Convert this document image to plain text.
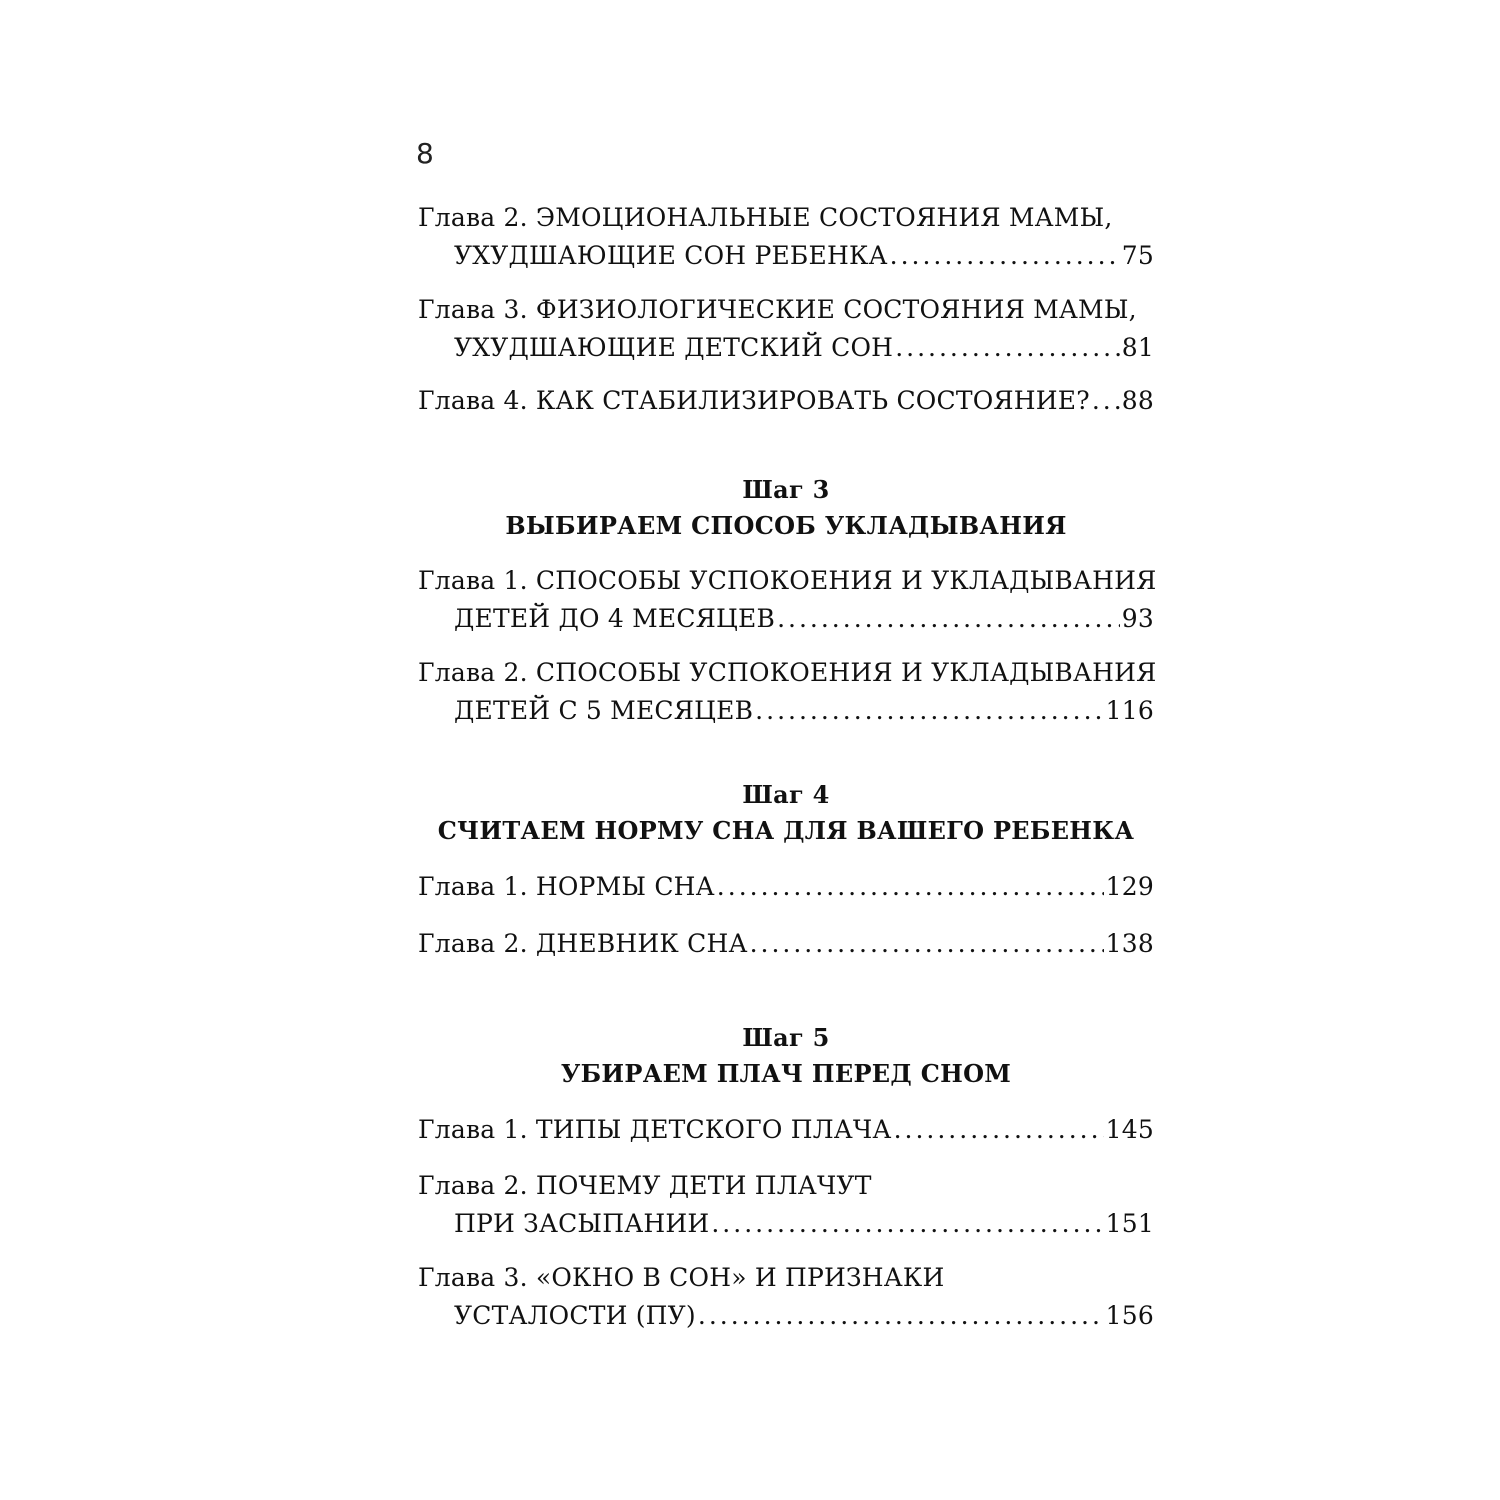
8
Глава 2. ЭМОЦИОНАЛЬНЫЕ СОСТОЯНИЯ МАМЫ,
УХУДШАЮЩИЕ СОН РЕБЕНКА .....	75
Глава 3. ФИЗИОЛОГИЧЕСКИЕ СОСТОЯНИЯ МАМЫ,
УХУДШАЮЩИЕ ДЕТСКИЙ СОН .....	81
Глава 4. КАК СТАБИЛИЗИРОВАТЬ СОСТОЯНИЕ? ..... 88
Шаг 3
ВЫБИРАЕМ СПОСОБ УКЛАДЫВАНИЯ
Глава 1. СПОСОБЫ УСПОКОЕНИЯ И УКЛАДЫВАНИЯ
ДЕТЕЙ ДО 4 МЕСЯЦЕВ .....	93
Глава 2. СПОСОБЫ УСПОКОЕНИЯ И УКЛАДЫВАНИЯ
ДЕТЕЙ С 5 МЕСЯЦЕВ .....	116
Шаг 4
СЧИТАЕМ НОРМУ СНА ДЛЯ ВАШЕГО РЕБЕНКА
Глава 1. НОРМЫ СНА .....	129
Глава 2. ДНЕВНИК СНА .....	138
Шаг 5
УБИРАЕМ ПЛАЧ ПЕРЕД СНОМ
Глава 1. ТИПЫ ДЕТСКОГО ПЛАЧА .....	145
Глава 2. ПОЧЕМУ ДЕТИ ПЛАЧУТ
ПРИ ЗАСЫПАНИИ .....	151
Глава 3. «ОКНО В СОН» И ПРИЗНАКИ
УСТАЛОСТИ (ПУ) .....	156
